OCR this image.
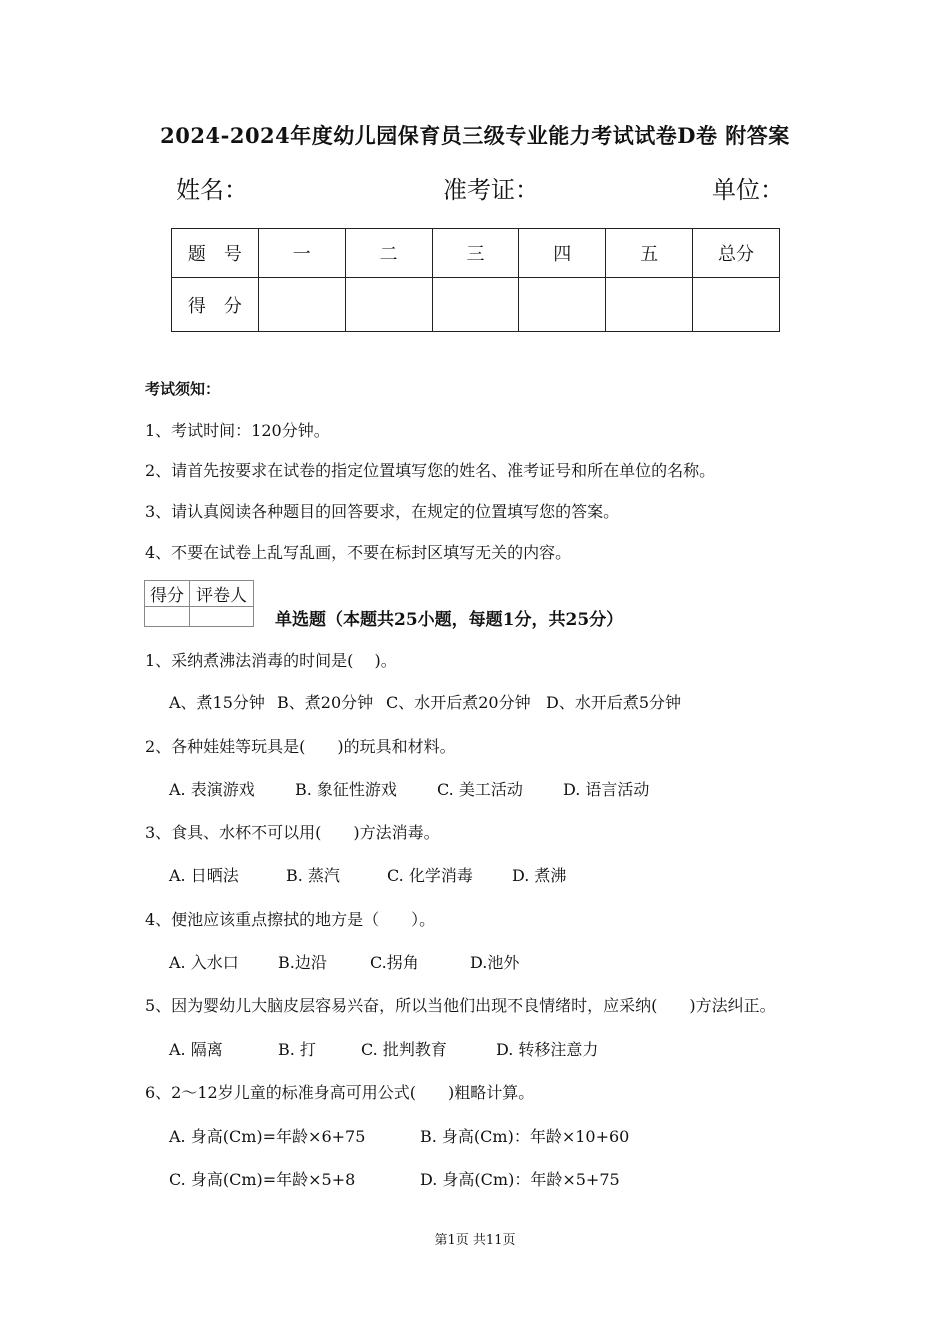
2024-2024年度幼儿园保育员三级专业能力考试试卷D卷 附答案
姓名：	准考证：	单位：
题　号	一	二	三	四	五	总分
得　分						
考试须知：
1、考试时间：120分钟。
2、请首先按要求在试卷的指定位置填写您的姓名、准考证号和所在单位的名称。
3、请认真阅读各种题目的回答要求，在规定的位置填写您的答案。
4、不要在试卷上乱写乱画，不要在标封区填写无关的内容。
得分	评卷人

单选题（本题共25小题，每题1分，共25分）
1、采纳煮沸法消毒的时间是(　 )。
A、煮15分钟 B、煮20分钟 C、水开后煮20分钟 D、水开后煮5分钟
2、各种娃娃等玩具是(　　)的玩具和材料。
A. 表演游戏	B. 象征性游戏	C. 美工活动	D. 语言活动
3、食具、水杯不可以用(　　)方法消毒。
A. 日晒法	B. 蒸汽	C. 化学消毒 D. 煮沸
4、便池应该重点擦拭的地方是（　　）。
A. 入水口 B.边沿	C.拐角	D.池外
5、因为婴幼儿大脑皮层容易兴奋，所以当他们出现不良情绪时，应采纳(　　)方法纠正。
A. 隔离	B. 打	C. 批判教育	D. 转移注意力
6、2～12岁儿童的标准身高可用公式(　　)粗略计算。
A. 身高(Cm)=年龄×6+75	B. 身高(Cm)：年龄×10+60
C. 身高(Cm)=年龄×5+8	D. 身高(Cm)：年龄×5+75
第1页 共11页
